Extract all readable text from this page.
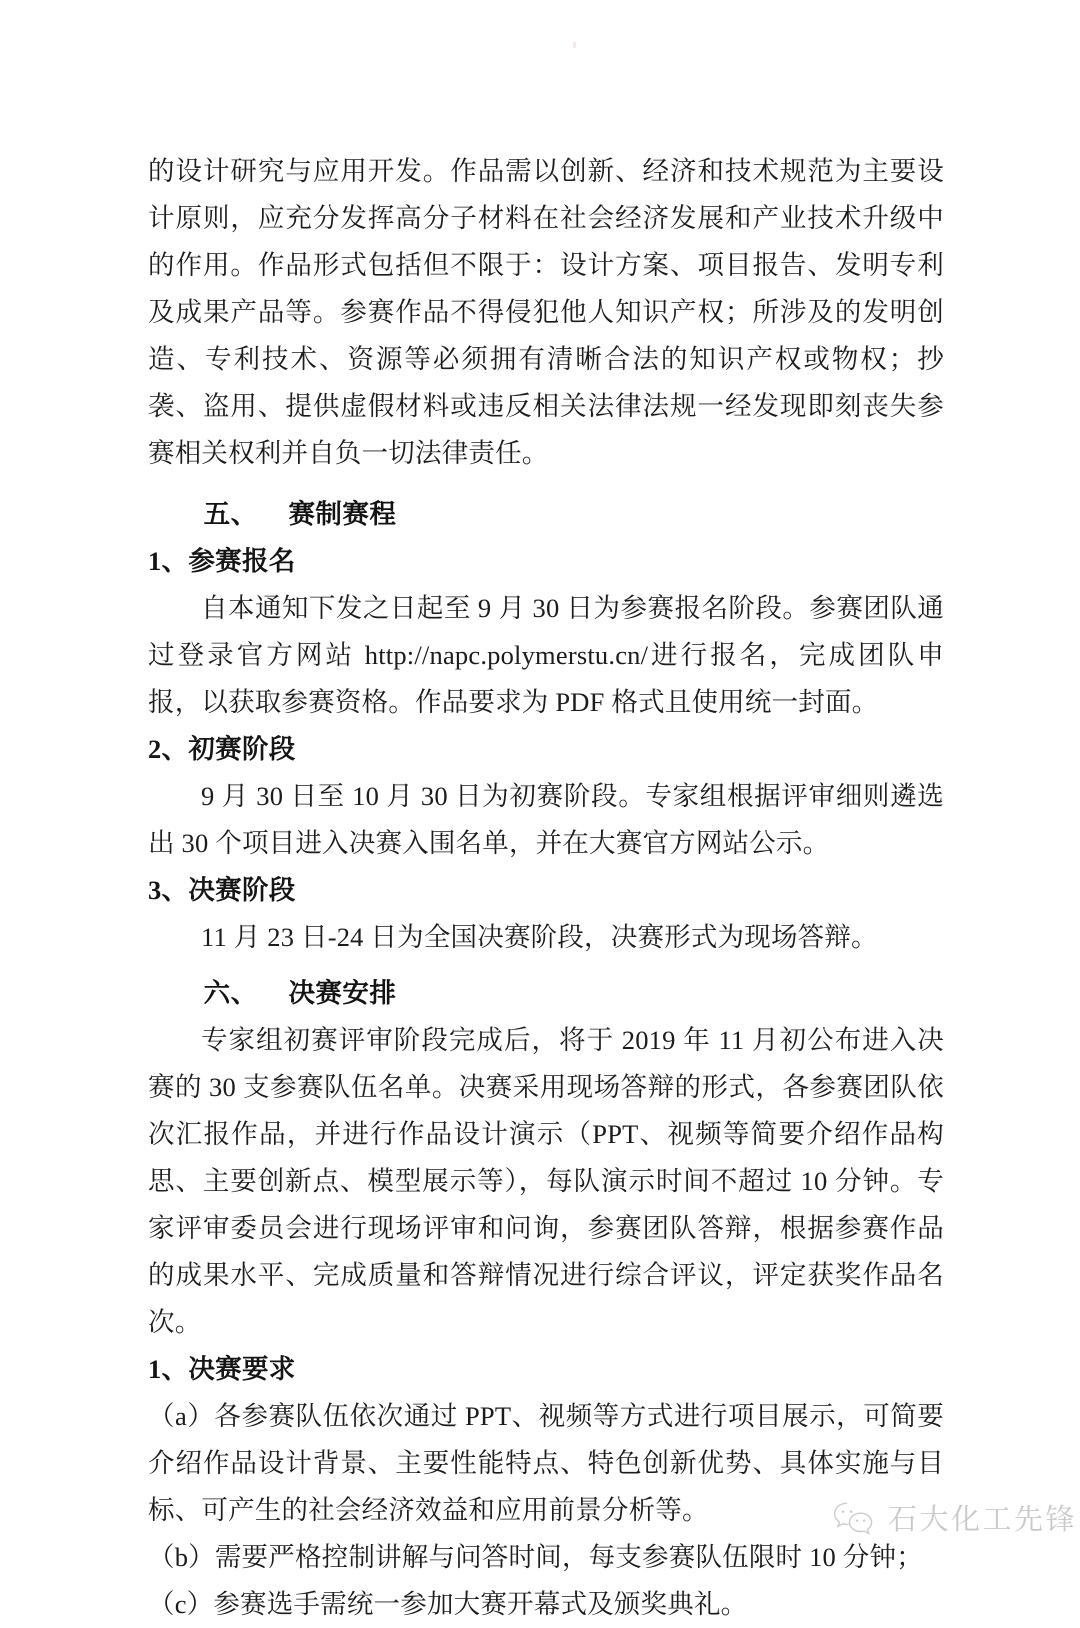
的设计研究与应用开发。作品需以创新、经济和技术规范为主要设计原则，应充分发挥高分子材料在社会经济发展和产业技术升级中的作用。作品形式包括但不限于：设计方案、项目报告、发明专利及成果产品等。参赛作品不得侵犯他人知识产权；所涉及的发明创造、专利技术、资源等必须拥有清晰合法的知识产权或物权；抄袭、盗用、提供虚假材料或违反相关法律法规一经发现即刻丧失参赛相关权利并自负一切法律责任。

五、 赛制赛程
1、参赛报名

自本通知下发之日起至 9 月 30 日为参赛报名阶段。参赛团队通过登录官方网站 http://napc.polymerstu.cn/进行报名，完成团队申报，以获取参赛资格。作品要求为 PDF 格式且使用统一封面。

2、初赛阶段

9 月 30 日至 10 月 30 日为初赛阶段。专家组根据评审细则遴选出 30 个项目进入决赛入围名单，并在大赛官方网站公示。

3、决赛阶段

11 月 23 日-24 日为全国决赛阶段，决赛形式为现场答辩。

六、 决赛安排

专家组初赛评审阶段完成后，将于 2019 年 11 月初公布进入决赛的 30 支参赛队伍名单。决赛采用现场答辩的形式，各参赛团队依次汇报作品，并进行作品设计演示（PPT、视频等简要介绍作品构思、主要创新点、模型展示等），每队演示时间不超过 10 分钟。专家评审委员会进行现场评审和问询，参赛团队答辩，根据参赛作品的成果水平、完成质量和答辩情况进行综合评议，评定获奖作品名次。

1、决赛要求

（a）各参赛队伍依次通过 PPT、视频等方式进行项目展示，可简要介绍作品设计背景、主要性能特点、特色创新优势、具体实施与目标、可产生的社会经济效益和应用前景分析等。

（b）需要严格控制讲解与问答时间，每支参赛队伍限时 10 分钟；

（c）参赛选手需统一参加大赛开幕式及颁奖典礼。

石大化工先锋
